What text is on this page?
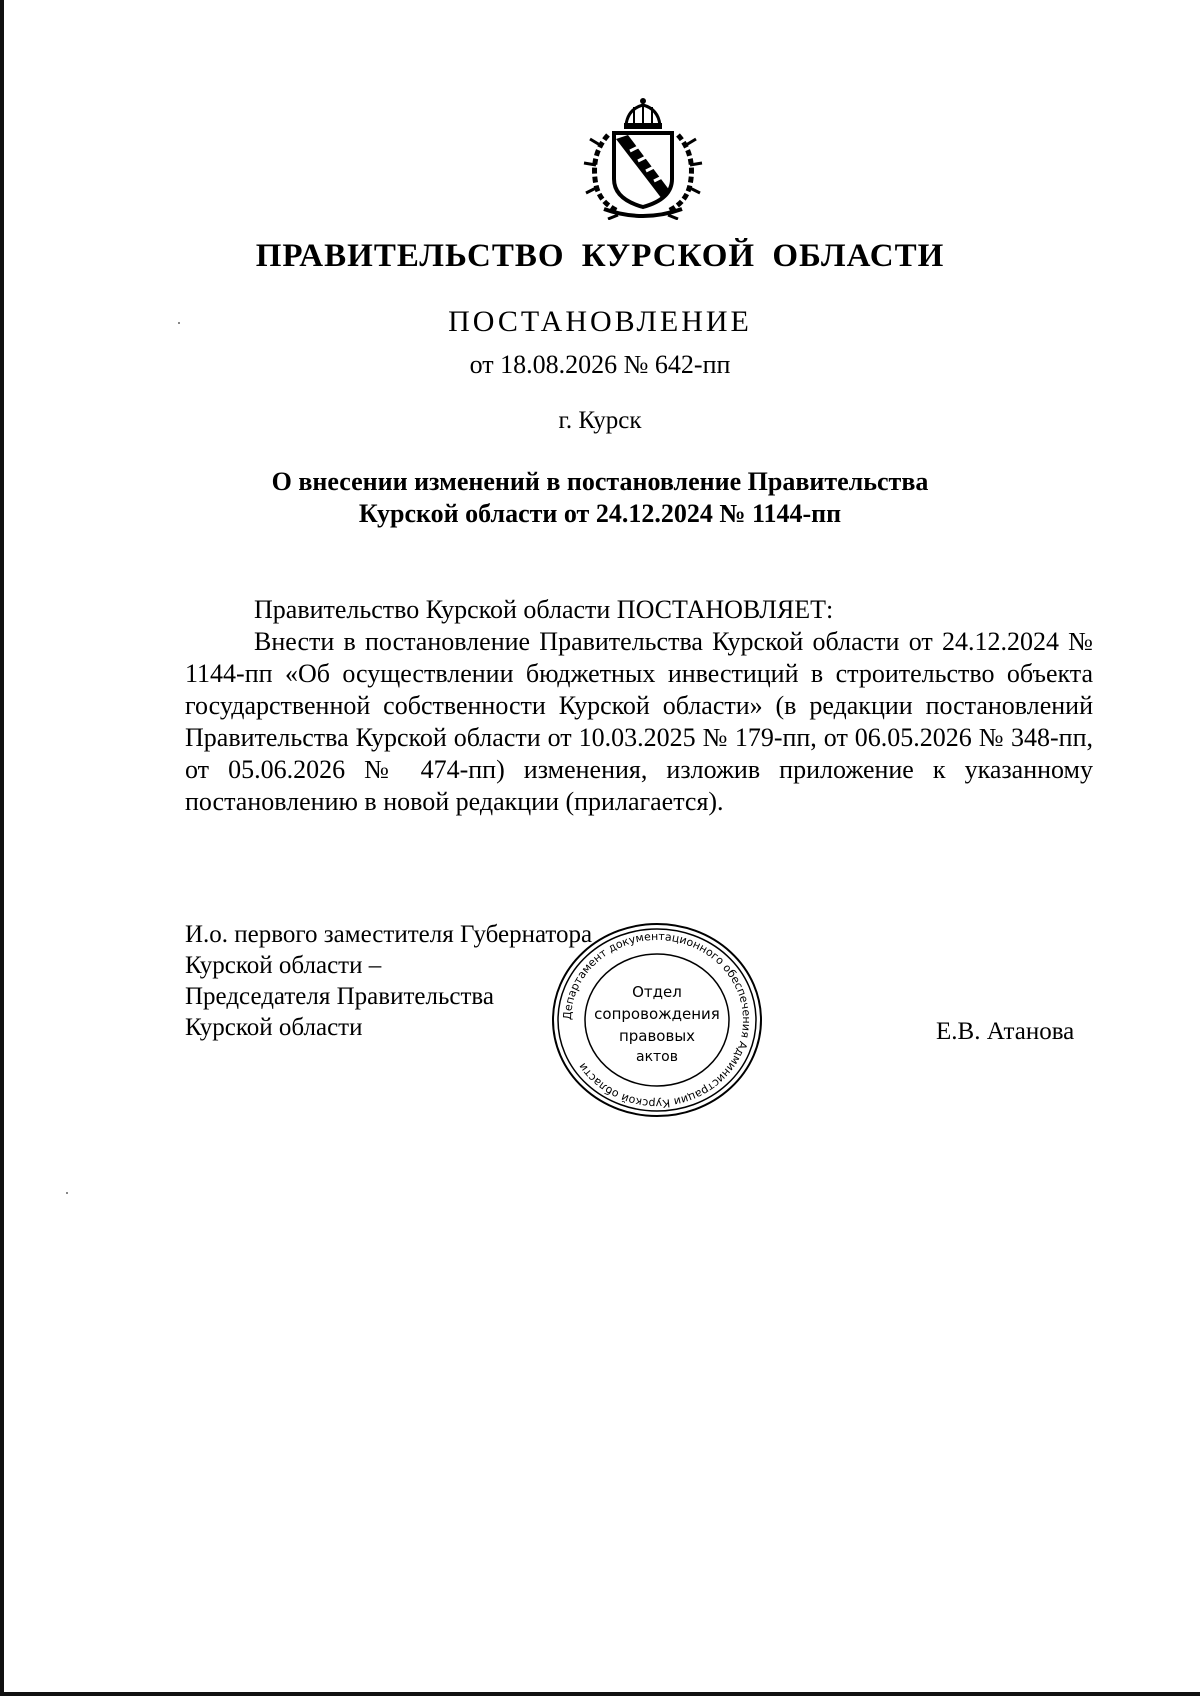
ПРАВИТЕЛЬСТВО КУРСКОЙ ОБЛАСТИ
ПОСТАНОВЛЕНИЕ
от 18.08.2026 № 642-пп
г. Курск
О внесении изменений в постановление Правительства
Курской области от 24.12.2024 № 1144-пп

Правительство Курской области ПОСТАНОВЛЯЕТ:

Внести в постановление Правительства Курской области от 24.12.2024 № 1144-пп «Об осуществлении бюджетных инвестиций в строительство объекта государственной собственности Курской области» (в редакции постановлений Правительства Курской области от 10.03.2025 № 179-пп, от 06.05.2026 № 348-пп, от 05.06.2026 № 474-пп) изменения, изложив приложение к указанному постановлению в новой редакции (прилагается).

И.о. первого заместителя Губернатора
Курской области –
Председателя Правительства
Курской области	Е.В. Атанова
Департамент документационного обеспечения Администрации Курской области
Отдел
сопровождения
правовых
актов
